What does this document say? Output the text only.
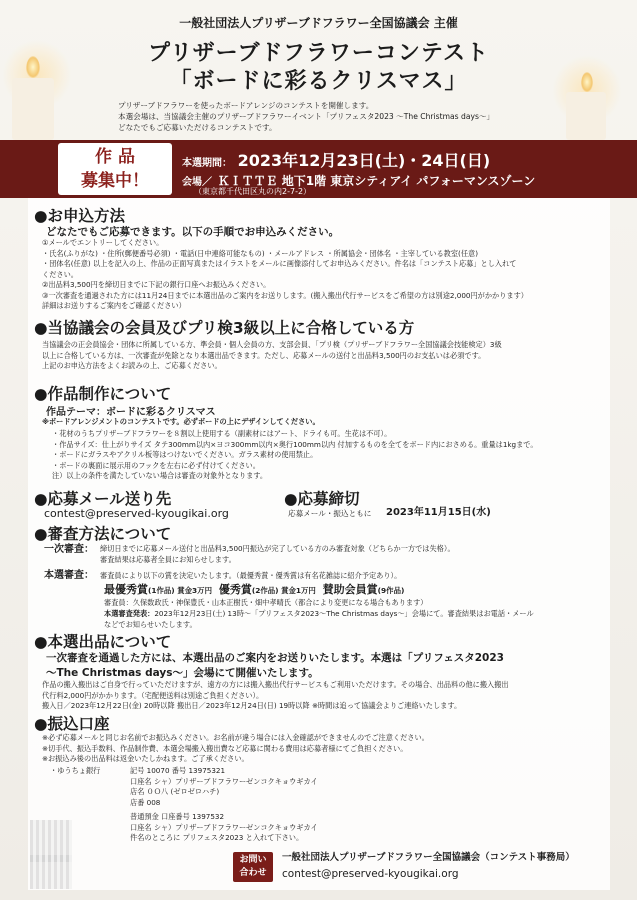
一般社団法人プリザーブドフラワー全国協議会 主催
プリザーブドフラワーコンテスト
「ボードに彩るクリスマス」
プリザーブドフラワーを使ったボードアレンジのコンテストを開催します。
本選会場は、当協議会主催のプリザーブドフラワーイベント「プリフェスタ2023 〜The Christmas days〜」
どなたでもご応募いただけるコンテストです。
作 品
募集中！
本選期間： 2023年12月23日(土)・24日(日)
会場／ ＫＩＴＴＥ 地下1階 東京シティアイ パフォーマンスゾーン
（東京都千代田区丸の内2-7-2）
●お申込方法
どなたでもご応募できます。以下の手順でお申込みください。
①メールでエントリーしてください。
・氏名(ふりがな) ・住所(郵便番号必須) ・電話(日中連絡可能なもの) ・メールアドレス ・所属協会・団体名 ・主宰している教室(任意)
・団体名(任意) 以上を記入の上、作品の正面写真またはイラストをメールに画像添付してお申込みください。件名は「コンテスト応募」とし入れて
ください。
②出品料3,500円を締切日までに下記の銀行口座へお振込みください。
③一次審査を通過された方には11月24日までに本選出品のご案内をお送りします。(搬入搬出代行サービスをご希望の方は別途2,000円がかかります）
詳細はお送りするご案内をご確認ください）
●当協議会の会員及びプリ検3級以上に合格している方
当協議会の正会員協会・団体に所属している方、準会員・個人会員の方、支部会員、「プリ検（プリザーブドフラワー全国協議会技能検定）3級
以上に合格している方は、一次審査が免除となり本選出品できます。ただし、応募メールの送付と出品料3,500円のお支払いは必須です。
上記のお申込方法をよくお読みの上、ご応募ください。
●作品制作について
作品テーマ：ボードに彩るクリスマス
※ボードアレンジメントのコンテストです。必ずボードの上にデザインしてください。
・花材のうちプリザーブドフラワーを８割以上使用する（副素材にはアート、ドライも可。生花は不可）。
・作品サイズ：仕上がりサイズ タテ300mm以内×ヨコ300mm以内×奥行100mm以内 付加するものを全てをボード内におさめる。重量は1kgまで。
・ボードにガラスやアクリル板等はつけないでください。ガラス素材の使用禁止。
・ボードの裏面に展示用のフックを左右に必ず付けてください。
注）以上の条件を満たしていない場合は審査の対象外となります。
●応募メール送り先
contest@preserved-kyougikai.org
●応募締切
応募メール・振込ともに 2023年11月15日(水)
●審査方法について
一次審査： 締切日までに応募メール送付と出品料3,500円振込が完了している方のみ審査対象（どちらか一方では失格）。
審査結果は応募者全員にお知らせします。
本選審査： 審査員により以下の賞を決定いたします。（最優秀賞・優秀賞は有名花雑誌に紹介予定あり）。
最優秀賞(1作品) 賞金3万円 優秀賞(2作品) 賞金1万円 賛助会員賞(9作品)
審査員：久保数政氏・神保豊氏・山本正樹氏・畑中孝晴氏（都合により変更になる場合もあります）
本選審査発表：2023年12月23日(土) 13時〜「プリフェスタ2023〜The Christmas days〜」会場にて。審査結果はお電話・メール
などでお知らせいたします。
●本選出品について
一次審査を通過した方には、本選出品のご案内をお送りいたします。本選は「プリフェスタ2023
〜The Christmas days〜」会場にて開催いたします。
作品の搬入搬出はご自身で行っていただけますが、遠方の方には搬入搬出代行サービスもご利用いただけます。その場合、出品料の他に搬入搬出
代行料2,000円がかかります。（宅配便送料は別途ご負担ください）。
搬入日／2023年12月22日(金) 20時以降 搬出日／2023年12月24日(日) 19時以降 ※時間は追って協議会よりご連絡いたします。
●振込口座
※必ず応募メールと同じお名前でお振込みください。お名前が違う場合には入金確認ができませんのでご注意ください。
※切手代、振込手数料、作品制作費、本選会場搬入搬出費など応募に関わる費用は応募者様にてご負担ください。
※お振込み後の出品料は返金いたしかねます。ご了承ください。
・ゆうちょ銀行	記号 10070 番号 13975321
口座名 シャ）プリザーブドフラワーゼンコクキョウギカイ
店名 ０Ｏ八 (ゼロゼロハチ)
店番 008
普通預金 口座番号 1397532
口座名 シャ）プリザーブドフラワーゼンコクキョウギカイ
件名のところに プリフェスタ2023 と入れて下さい。
お問い
合わせ
一般社団法人プリザーブドフラワー全国協議会（コンテスト事務局）
contest@preserved-kyougikai.org
